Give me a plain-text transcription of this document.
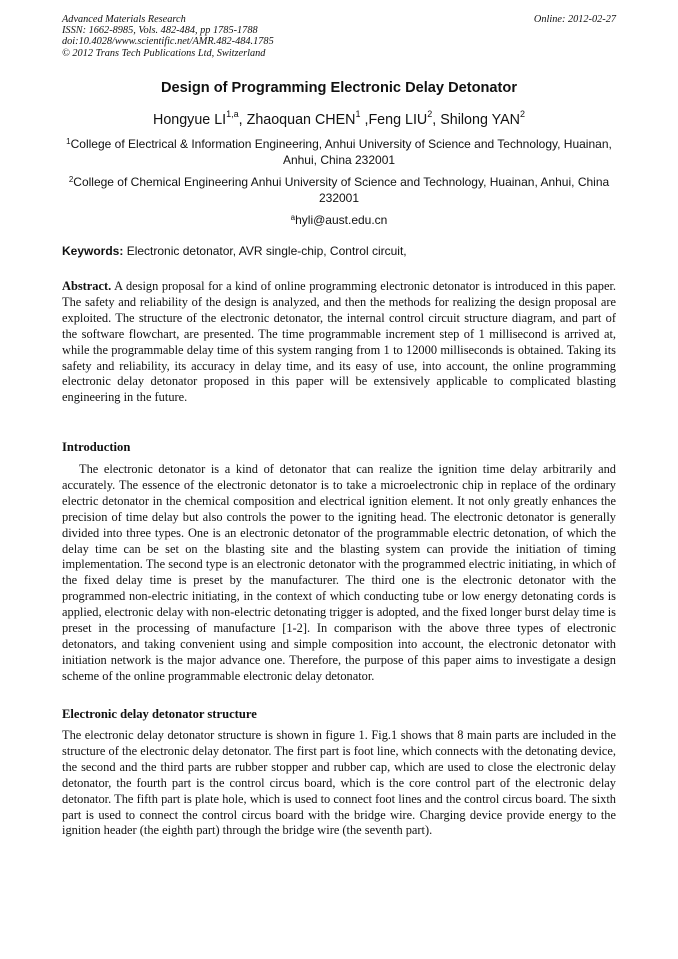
Advanced Materials Research
ISSN: 1662-8985, Vols. 482-484, pp 1785-1788
doi:10.4028/www.scientific.net/AMR.482-484.1785
© 2012 Trans Tech Publications Ltd, Switzerland
Online: 2012-02-27
Design of Programming Electronic Delay Detonator
Hongyue LI$^{1,a}$, Zhaoquan CHEN$^1$ ,Feng LIU$^2$, Shilong YAN$^2$
$^1$College of Electrical & Information Engineering, Anhui University of Science and Technology, Huainan, Anhui, China 232001
$^2$College of Chemical Engineering Anhui University of Science and Technology, Huainan, Anhui, China 232001
$^a$hyli@aust.edu.cn
Keywords: Electronic detonator, AVR single-chip, Control circuit,
Abstract. A design proposal for a kind of online programming electronic detonator is introduced in this paper. The safety and reliability of the design is analyzed, and then the methods for realizing the design proposal are exploited. The structure of the electronic detonator, the internal control circuit structure diagram, and part of the software flowchart, are presented. The time programmable increment step of 1 millisecond is arrived at, while the programmable delay time of this system ranging from 1 to 12000 milliseconds is obtained. Taking its safety and reliability, its accuracy in delay time, and its easy of use, into account, the online programming electronic delay detonator proposed in this paper will be extensively applicable to complicated blasting engineering in the future.
Introduction
The electronic detonator is a kind of detonator that can realize the ignition time delay arbitrarily and accurately. The essence of the electronic detonator is to take a microelectronic chip in replace of the ordinary electric detonator in the chemical composition and electrical ignition element. It not only greatly enhances the precision of time delay but also controls the power to the igniting head. The electronic detonator is generally divided into three types. One is an electronic detonator of the programmable electric detonation, of which the delay time can be set on the blasting site and the blasting system can provide the initiation of timing implementation. The second type is an electronic detonator with the programmed electric initiating, in which of the fixed delay time is preset by the manufacturer. The third one is the electronic detonator with the programmed non-electric initiating, in the context of which conducting tube or low energy detonating cords is applied, electronic delay with non-electric detonating trigger is adopted, and the fixed longer burst delay time is preset in the processing of manufacture [1-2]. In comparison with the above three types of electronic detonators, and taking convenient using and simple composition into account, the electronic detonator with initiation network is the major advance one. Therefore, the purpose of this paper aims to investigate a design scheme of the online programmable electronic delay detonator.
Electronic delay detonator structure
The electronic delay detonator structure is shown in figure 1. Fig.1 shows that 8 main parts are included in the structure of the electronic delay detonator. The first part is foot line, which connects with the detonating device, the second and the third parts are rubber stopper and rubber cap, which are used to close the electronic delay detonator, the fourth part is the control circus board, which is the core control part of the electronic delay detonator. The fifth part is plate hole, which is used to connect foot lines and the control circus board. The sixth part is used to connect the control circus board with the bridge wire. Charging device provide energy to the ignition header (the eighth part) through the bridge wire (the seventh part).
